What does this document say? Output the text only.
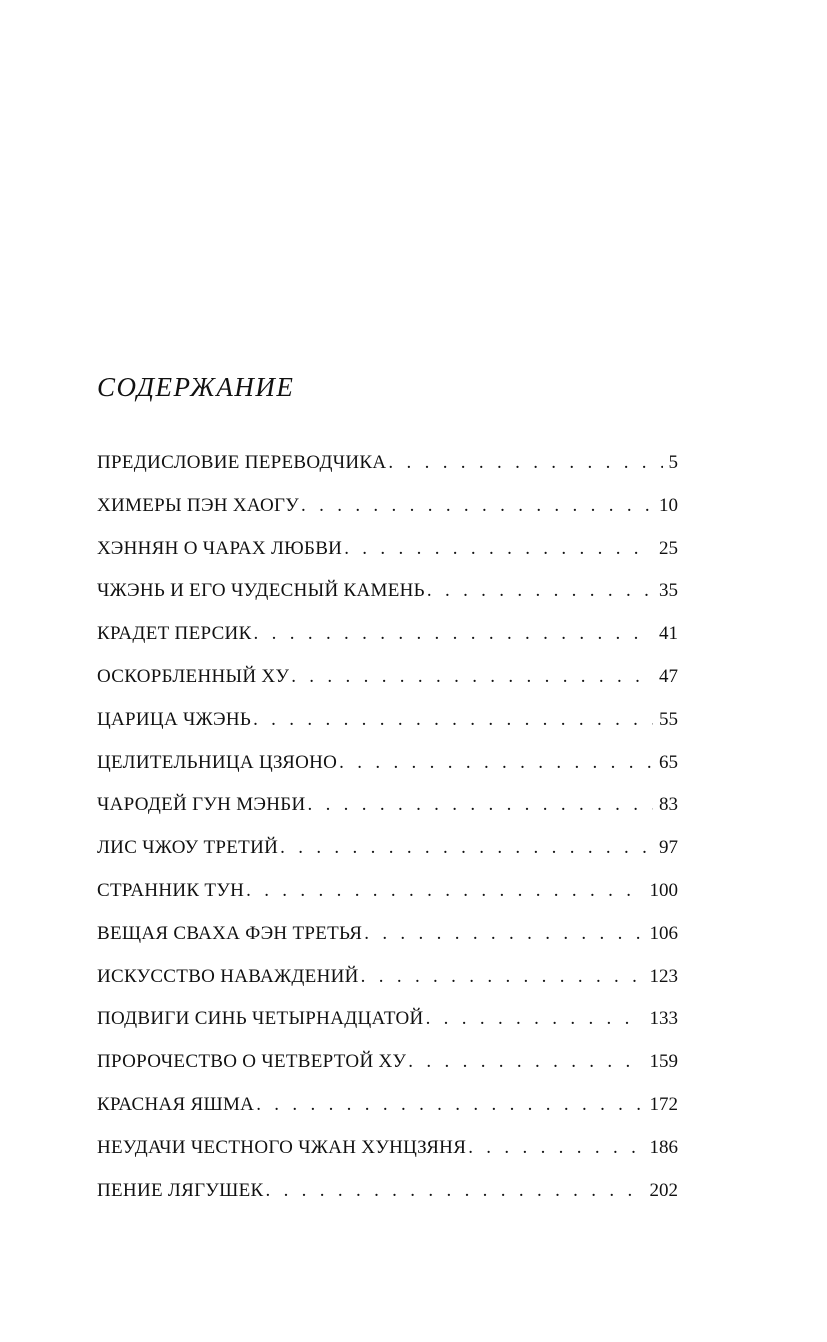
СОДЕРЖАНИЕ
ПРЕДИСЛОВИЕ ПЕРЕВОДЧИКА . . .	5
ХИМЕРЫ ПЭН ХАОГУ . . .	10
ХЭННЯН О ЧАРАХ ЛЮБВИ . . .	25
ЧЖЭНЬ И ЕГО ЧУДЕСНЫЙ КАМЕНЬ . . .	35
КРАДЕТ ПЕРСИК . . .	41
ОСКОРБЛЕННЫЙ ХУ . . .	47
ЦАРИЦА ЧЖЭНЬ . . .	55
ЦЕЛИТЕЛЬНИЦА ЦЗЯОНО . . .	65
ЧАРОДЕЙ ГУН МЭНБИ . . .	83
ЛИС ЧЖОУ ТРЕТИЙ . . .	97
СТРАННИК ТУН . . .	100
ВЕЩАЯ СВАХА ФЭН ТРЕТЬЯ . . .	106
ИСКУССТВО НАВАЖДЕНИЙ . . .	123
ПОДВИГИ СИНЬ ЧЕТЫРНАДЦАТОЙ . . .	133
ПРОРОЧЕСТВО О ЧЕТВЕРТОЙ ХУ . . .	159
КРАСНАЯ ЯШМА . . .	172
НЕУДАЧИ ЧЕСТНОГО ЧЖАН ХУНЦЗЯНЯ . . .	186
ПЕНИЕ ЛЯГУШЕК . . .	202
